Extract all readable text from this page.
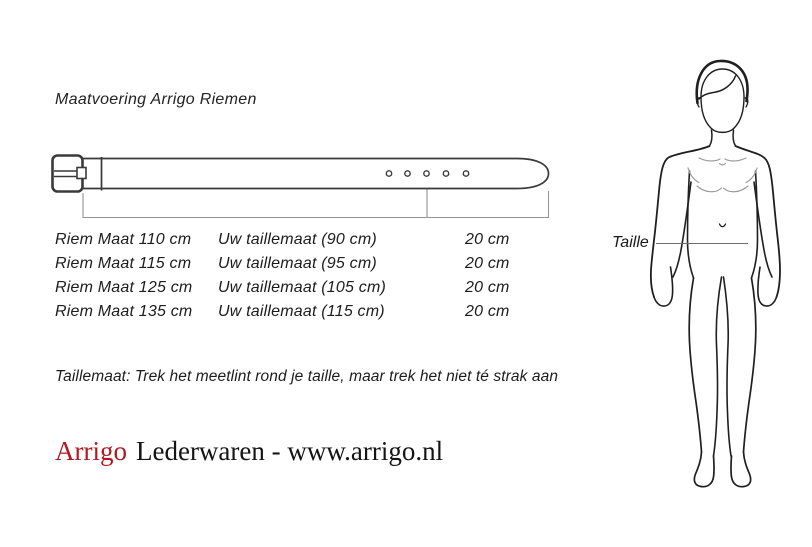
Maatvoering Arrigo Riemen
Riem Maat 110 cm	Uw taillemaat (90 cm)	20 cm
Riem Maat 115 cm	Uw taillemaat (95 cm)	20 cm
Riem Maat 125 cm	Uw taillemaat (105 cm)	20 cm
Riem Maat 135 cm	Uw taillemaat (115 cm)	20 cm
Taillemaat: Trek het meetlint rond je taille, maar trek het niet té strak aan
Arrigo Lederwaren - www.arrigo.nl
Taille
